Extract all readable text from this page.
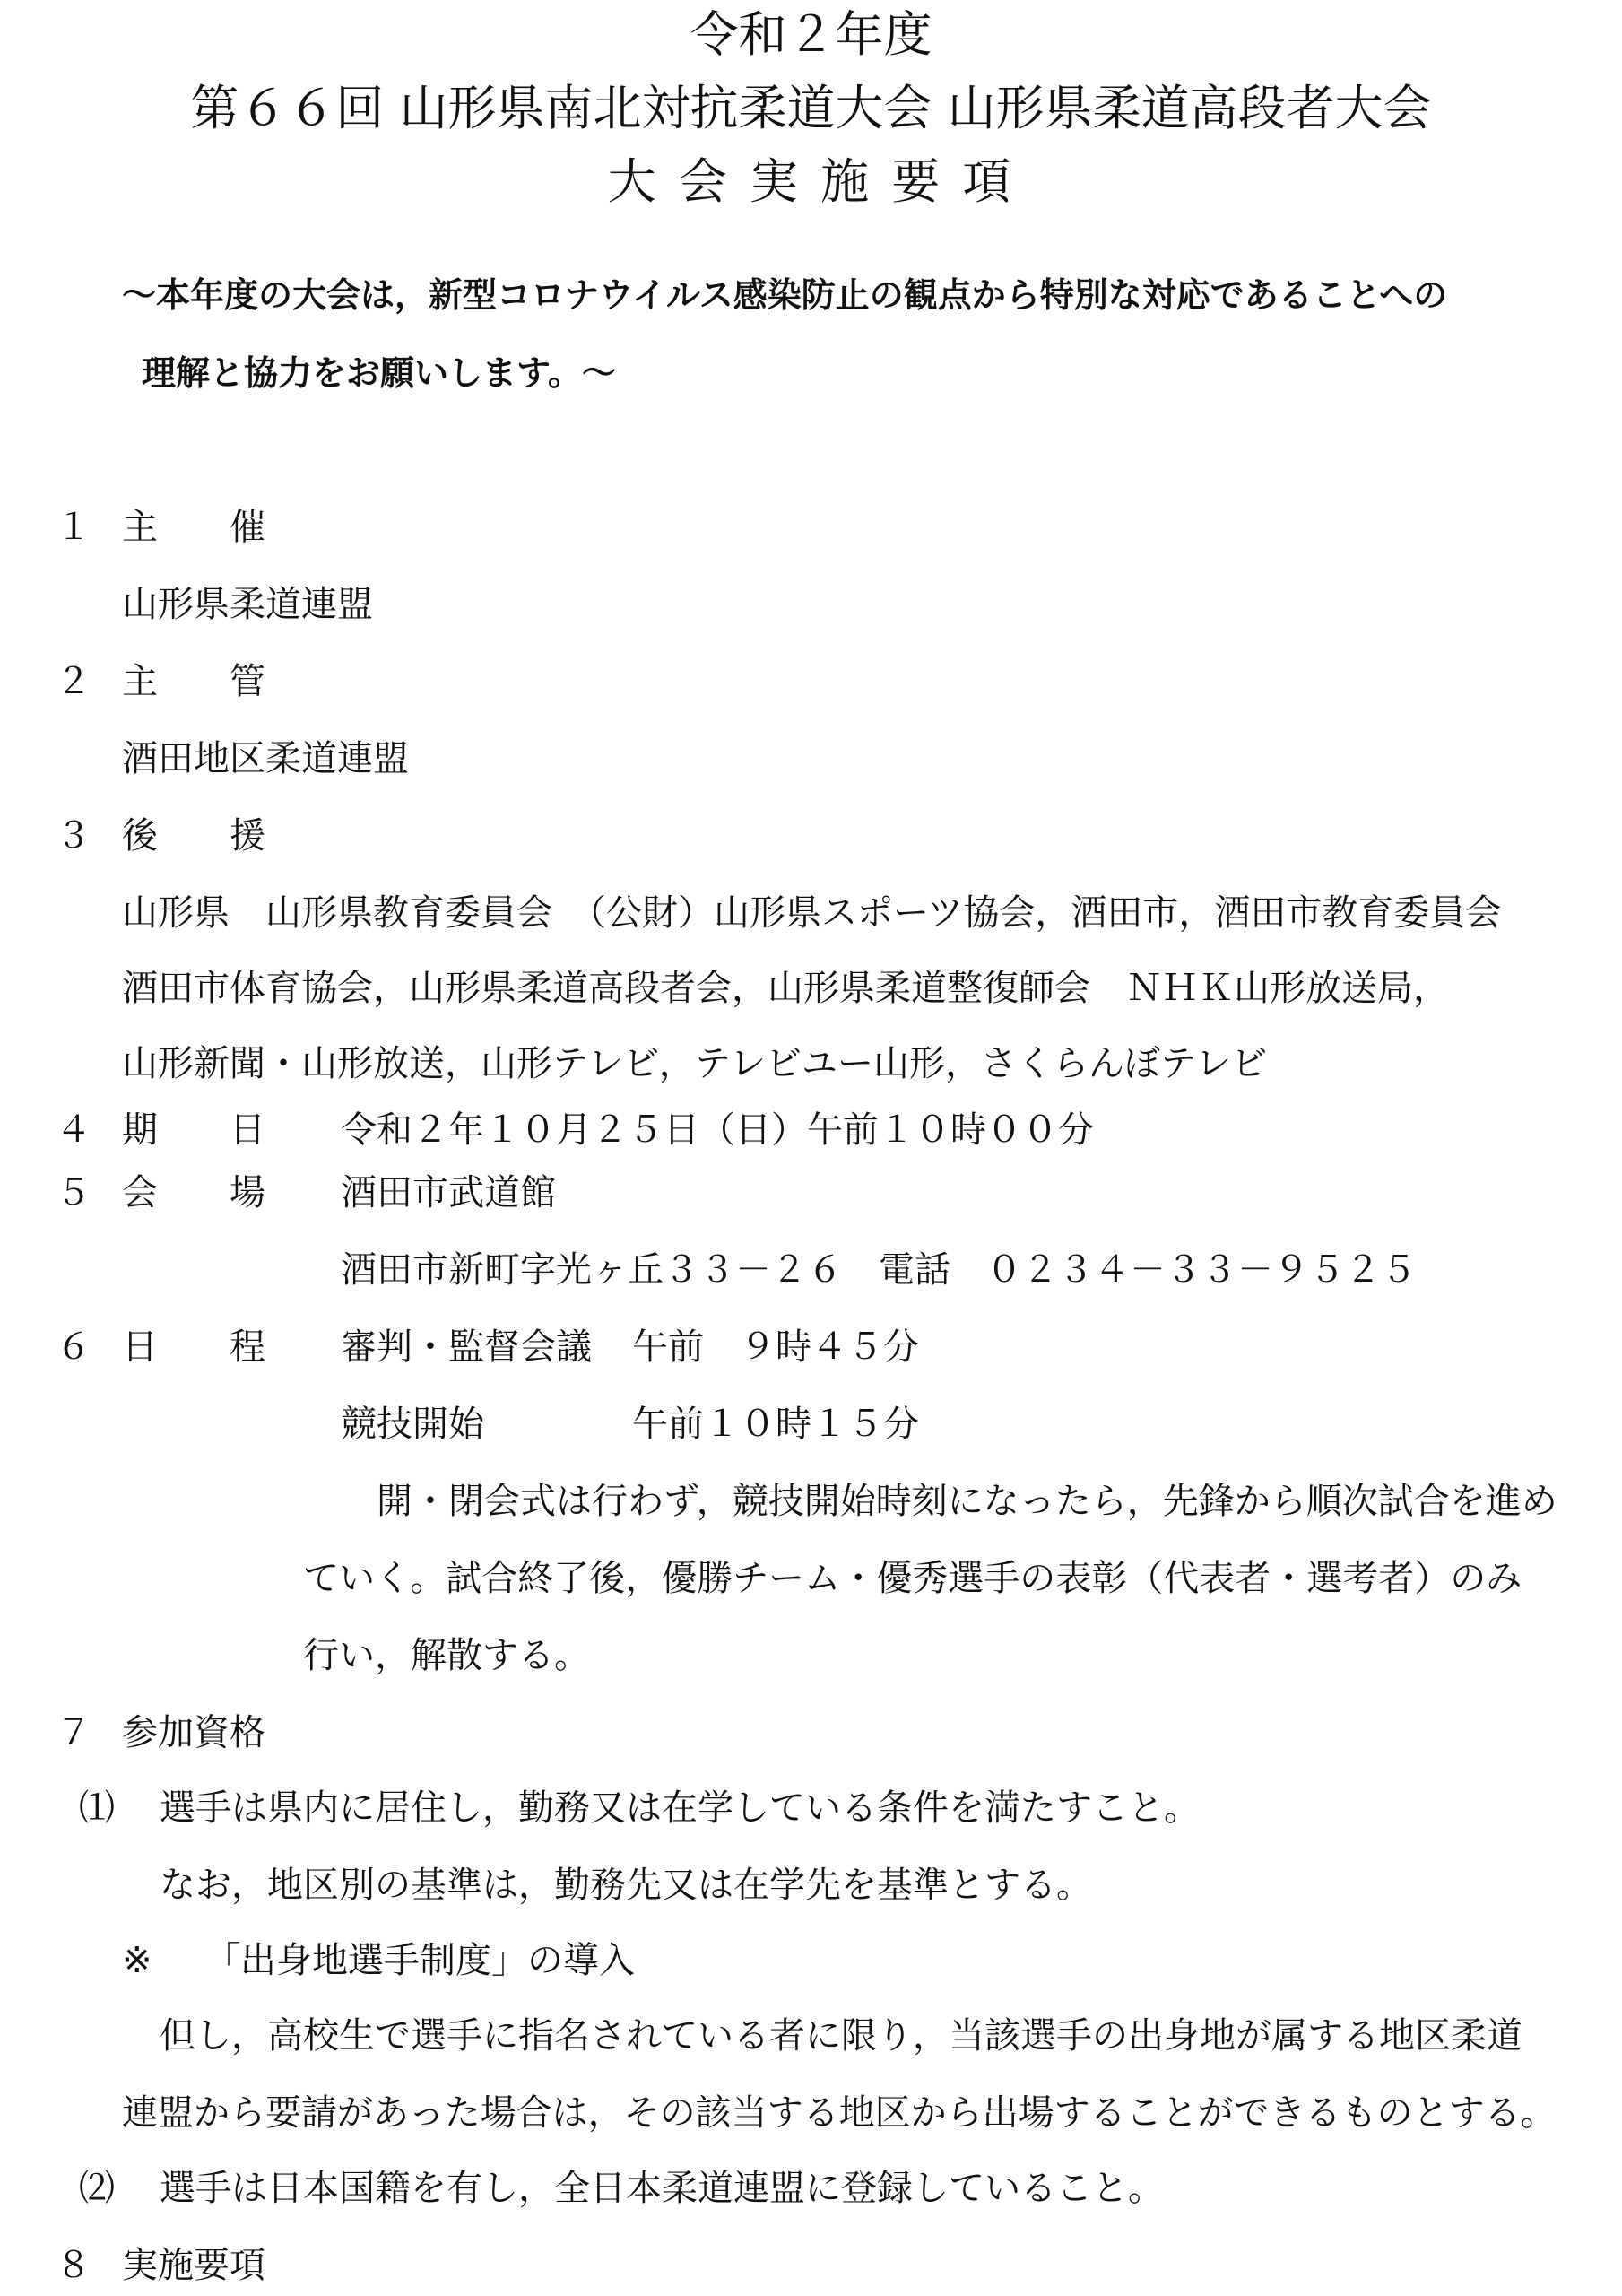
令和２年度
第６６回 山形県南北対抗柔道大会 山形県柔道高段者大会
大 会 実 施 要 項
～本年度の大会は，新型コロナウイルス感染防止の観点から特別な対応であることへの
理解と協力をお願いします。～
１ 主　　催
山形県柔道連盟
２ 主　　管
酒田地区柔道連盟
３ 後　　援
山形県　山形県教育委員会　（公財）山形県スポーツ協会，酒田市，酒田市教育委員会
酒田市体育協会，山形県柔道高段者会，山形県柔道整復師会　ＮＨＫ山形放送局，
山形新聞・山形放送，山形テレビ，テレビユー山形，さくらんぼテレビ
４ 期　　日 令和２年１０月２５日（日）午前１０時００分
５ 会　　場 酒田市武道館
酒田市新町字光ヶ丘３３－２６　電話　０２３４－３３－９５２５
６ 日　　程 審判・監督会議 午前　９時４５分
競技開始	午前１０時１５分
開・閉会式は行わず，競技開始時刻になったら，先鋒から順次試合を進め
ていく。試合終了後，優勝チーム・優秀選手の表彰（代表者・選考者）のみ
行い，解散する。
７ 参加資格
⑴ 選手は県内に居住し，勤務又は在学している条件を満たすこと。
なお，地区別の基準は，勤務先又は在学先を基準とする。
※ 「出身地選手制度」の導入
但し，高校生で選手に指名されている者に限り，当該選手の出身地が属する地区柔道
連盟から要請があった場合は，その該当する地区から出場することができるものとする。
⑵ 選手は日本国籍を有し，全日本柔道連盟に登録していること。
８ 実施要項
